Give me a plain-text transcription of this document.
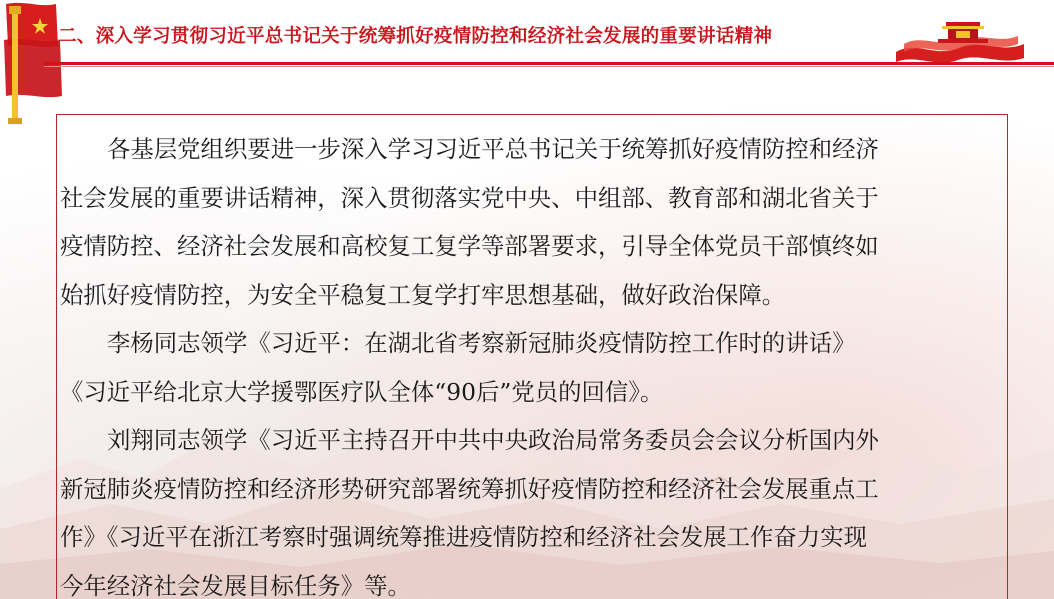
二、深入学习贯彻习近平总书记关于统筹抓好疫情防控和经济社会发展的重要讲话精神
各基层党组织要进一步深入学习习近平总书记关于统筹抓好疫情防控和经济
社会发展的重要讲话精神，深入贯彻落实党中央、中组部、教育部和湖北省关于
疫情防控、经济社会发展和高校复工复学等部署要求，引导全体党员干部慎终如
始抓好疫情防控，为安全平稳复工复学打牢思想基础，做好政治保障。
李杨同志领学《习近平：在湖北省考察新冠肺炎疫情防控工作时的讲话》
《习近平给北京大学援鄂医疗队全体“90后”党员的回信》。
刘翔同志领学《习近平主持召开中共中央政治局常务委员会会议分析国内外
新冠肺炎疫情防控和经济形势研究部署统筹抓好疫情防控和经济社会发展重点工
作》《习近平在浙江考察时强调统筹推进疫情防控和经济社会发展工作奋力实现
今年经济社会发展目标任务》等。
